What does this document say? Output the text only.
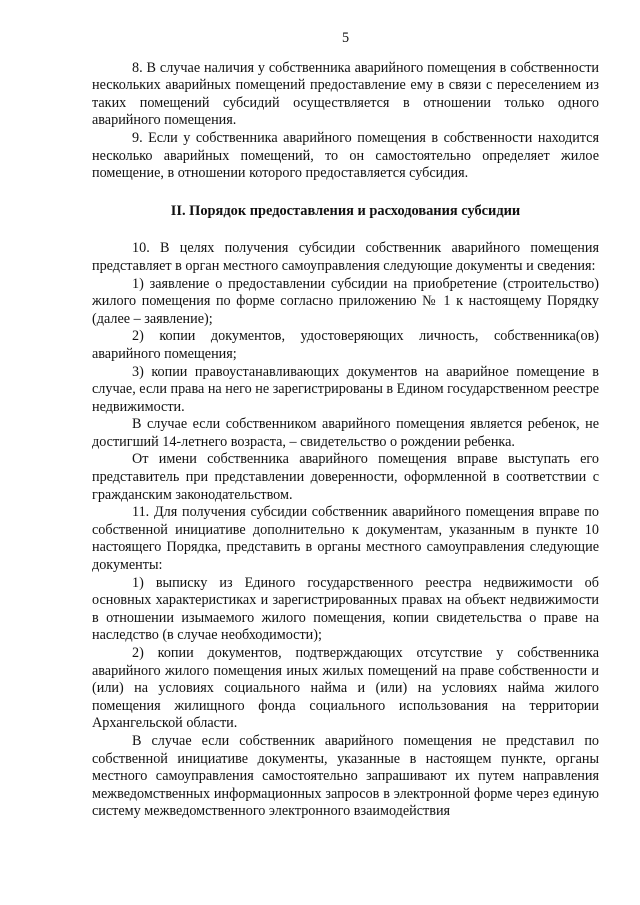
5

8. В случае наличия у собственника аварийного помещения в собственности нескольких аварийных помещений предоставление ему в связи с переселением из таких помещений субсидий осуществляется в отношении только одного аварийного помещения.

9. Если у собственника аварийного помещения в собственности находится несколько аварийных помещений, то он самостоятельно определяет жилое помещение, в отношении которого предоставляется субсидия.

II. Порядок предоставления и расходования субсидии

10. В целях получения субсидии собственник аварийного помещения представляет в орган местного самоуправления следующие документы и сведения:

1) заявление о предоставлении субсидии на приобретение (строительство) жилого помещения по форме согласно приложению № 1 к настоящему Порядку (далее – заявление);

2) копии документов, удостоверяющих личность, собственника(ов) аварийного помещения;

3) копии правоустанавливающих документов на аварийное помещение в случае, если права на него не зарегистрированы в Едином государственном реестре недвижимости.

В случае если собственником аварийного помещения является ребенок, не достигший 14-летнего возраста, – свидетельство о рождении ребенка.

От имени собственника аварийного помещения вправе выступать его представитель при представлении доверенности, оформленной в соответствии с гражданским законодательством.

11. Для получения субсидии собственник аварийного помещения вправе по собственной инициативе дополнительно к документам, указанным в пункте 10 настоящего Порядка, представить в органы местного самоуправления следующие документы:

1) выписку из Единого государственного реестра недвижимости об основных характеристиках и зарегистрированных правах на объект недвижимости в отношении изымаемого жилого помещения, копии свидетельства о праве на наследство (в случае необходимости);

2) копии документов, подтверждающих отсутствие у собственника аварийного жилого помещения иных жилых помещений на праве собственности и (или) на условиях социального найма и (или) на условиях найма жилого помещения жилищного фонда социального использования на территории Архангельской области.

В случае если собственник аварийного помещения не представил по собственной инициативе документы, указанные в настоящем пункте, органы местного самоуправления самостоятельно запрашивают их путем направления межведомственных информационных запросов в электронной форме через единую систему межведомственного электронного взаимодействия
